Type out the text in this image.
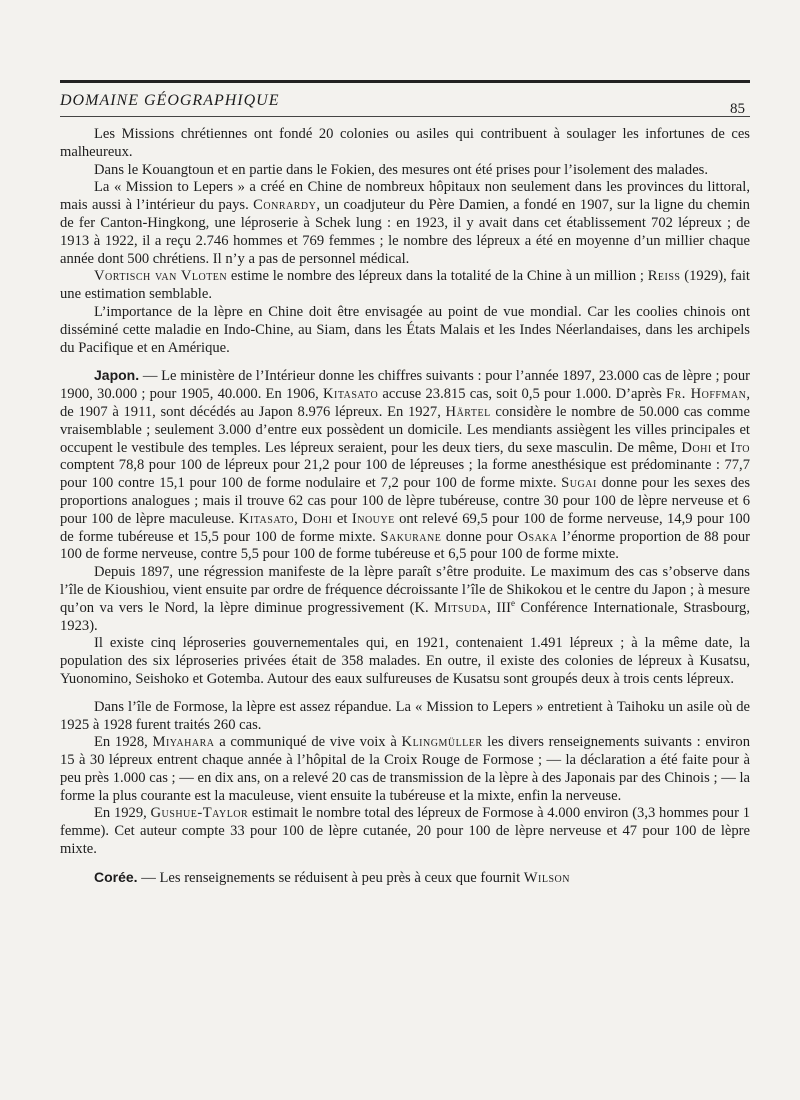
DOMAINE GÉOGRAPHIQUE	85

Les Missions chrétiennes ont fondé 20 colonies ou asiles qui contribuent à soulager les infortunes de ces malheureux.

Dans le Kouangtoun et en partie dans le Fokien, des mesures ont été prises pour l’isolement des malades.

La « Mission to Lepers » a créé en Chine de nombreux hôpitaux non seulement dans les provinces du littoral, mais aussi à l’intérieur du pays. Conrardy, un coadjuteur du Père Damien, a fondé en 1907, sur la ligne du chemin de fer Canton-Hingkong, une léproserie à Schek lung : en 1923, il y avait dans cet établissement 702 lépreux ; de 1913 à 1922, il a reçu 2.746 hommes et 769 femmes ; le nombre des lépreux a été en moyenne d’un millier chaque année dont 500 chrétiens. Il n’y a pas de personnel médical.

Vortisch van Vloten estime le nombre des lépreux dans la totalité de la Chine à un million ; Reiss (1929), fait une estimation semblable.

L’importance de la lèpre en Chine doit être envisagée au point de vue mondial. Car les coolies chinois ont disséminé cette maladie en Indo-Chine, au Siam, dans les États Malais et les Indes Néerlandaises, dans les archipels du Pacifique et en Amérique.

Japon. — Le ministère de l’Intérieur donne les chiffres suivants : pour l’année 1897, 23.000 cas de lèpre ; pour 1900, 30.000 ; pour 1905, 40.000. En 1906, Kitasato accuse 23.815 cas, soit 0,5 pour 1.000. D’après Fr. Hoffman, de 1907 à 1911, sont décédés au Japon 8.976 lépreux. En 1927, Härtel considère le nombre de 50.000 cas comme vraisemblable ; seulement 3.000 d’entre eux possèdent un domicile. Les mendiants assiègent les villes principales et occupent le vestibule des temples. Les lépreux seraient, pour les deux tiers, du sexe masculin. De même, Dohi et Ito comptent 78,8 pour 100 de lépreux pour 21,2 pour 100 de lépreuses ; la forme anesthésique est prédominante : 77,7 pour 100 contre 15,1 pour 100 de forme nodulaire et 7,2 pour 100 de forme mixte. Sugai donne pour les sexes des proportions analogues ; mais il trouve 62 cas pour 100 de lèpre tubéreuse, contre 30 pour 100 de lèpre nerveuse et 6 pour 100 de lèpre maculeuse. Kitasato, Dohi et Inouye ont relevé 69,5 pour 100 de forme nerveuse, 14,9 pour 100 de forme tubéreuse et 15,5 pour 100 de forme mixte. Sakurane donne pour Osaka l’énorme proportion de 88 pour 100 de forme nerveuse, contre 5,5 pour 100 de forme tubéreuse et 6,5 pour 100 de forme mixte.

Depuis 1897, une régression manifeste de la lèpre paraît s’être produite. Le maximum des cas s’observe dans l’île de Kioushiou, vient ensuite par ordre de fréquence décroissante l’île de Shikokou et le centre du Japon ; à mesure qu’on va vers le Nord, la lèpre diminue progressivement (K. Mitsuda, IIIe Conférence Internationale, Strasbourg, 1923).

Il existe cinq léproseries gouvernementales qui, en 1921, contenaient 1.491 lépreux ; à la même date, la population des six léproseries privées était de 358 malades. En outre, il existe des colonies de lépreux à Kusatsu, Yuonomino, Seishoko et Gotemba. Autour des eaux sulfureuses de Kusatsu sont groupés deux à trois cents lépreux.

Dans l’île de Formose, la lèpre est assez répandue. La « Mission to Lepers » entretient à Taihoku un asile où de 1925 à 1928 furent traités 260 cas.

En 1928, Miyahara a communiqué de vive voix à Klingmüller les divers renseignements suivants : environ 15 à 30 lépreux entrent chaque année à l’hôpital de la Croix Rouge de Formose ; — la déclaration a été faite pour à peu près 1.000 cas ; — en dix ans, on a relevé 20 cas de transmission de la lèpre à des Japonais par des Chinois ; — la forme la plus courante est la maculeuse, vient ensuite la tubéreuse et la mixte, enfin la nerveuse.

En 1929, Gushue-Taylor estimait le nombre total des lépreux de Formose à 4.000 environ (3,3 hommes pour 1 femme). Cet auteur compte 33 pour 100 de lèpre cutanée, 20 pour 100 de lèpre nerveuse et 47 pour 100 de lèpre mixte.

Corée. — Les renseignements se réduisent à peu près à ceux que fournit Wilson
